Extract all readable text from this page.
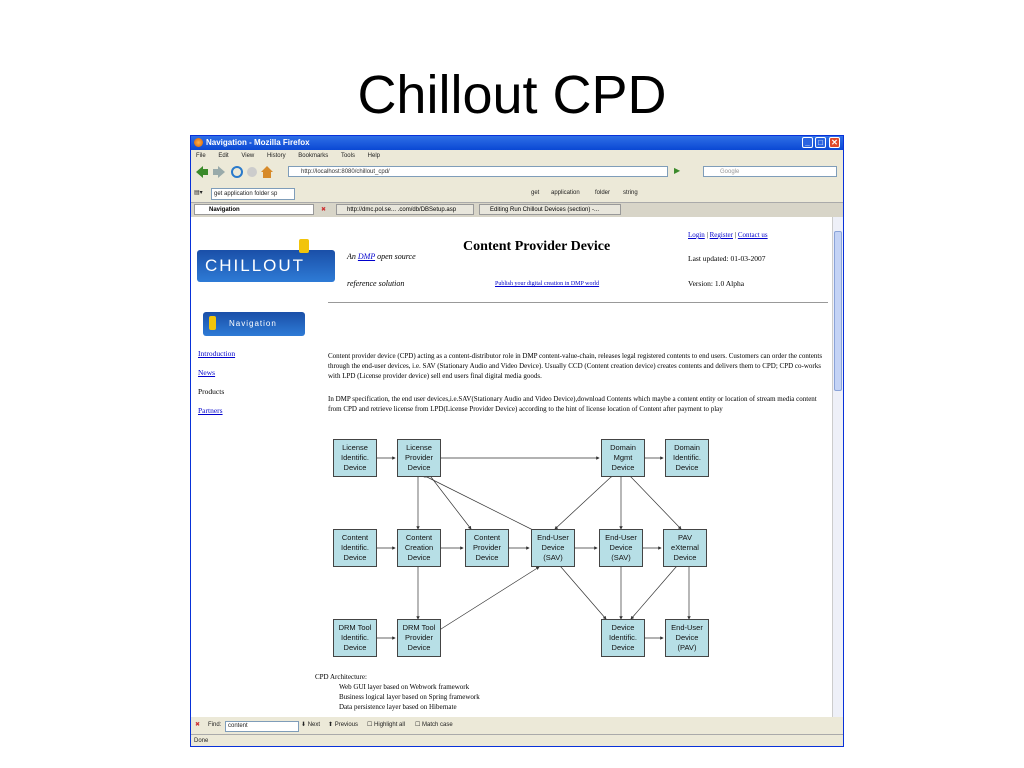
Chillout CPD
Navigation - Mozilla Firefox	_	□	✕
File Edit View History Bookmarks Tools Help
http://localhost:8080/chillout_cpd/	▶	Google
▤▾	get application folder sp	get application	folder string
Navigation	✖	http://dmc.pol.se... .com/db/DBSetup.asp	Editing Run Chillout Devices (section) -...
CHILLOUT	An DMP open source
reference solution
Content Provider Device
Publish your digital creation in DMP world
Login | Register | Contact us
Last updated: 01-03-2007
Version: 1.0 Alpha
Navigation
Introduction
News
Products
Partners
Content provider device (CPD) acting as a content-distributor role in DMP content-value-chain, releases legal registered contents to end users. Customers can order the contents through the end-user devices, i.e. SAV (Stationary Audio and Video Device). Usually CCD (Content creation device) creates contents and delivers them to CPD; CPD co-works with LPD (License provider device) sell end users final digital media goods.
In DMP specification, the end user devices,i.e.SAV(Stationary Audio and Video Device),download Contents which maybe a content entity or location of stream media content from CPD and retrieve license from LPD(License Provider Device) according to the hint of license location of Content after payment to play
License
Identific.
Device
License
Provider
Device
Domain
Mgmt
Device
Domain
Identific.
Device
Content
Identific.
Device
Content
Creation
Device
Content
Provider
Device
End-User
Device
(SAV)
End-User
Device
(SAV)
PAV
eXternal
Device
DRM Tool
Identific.
Device
DRM Tool
Provider
Device
Device
Identific.
Device
End-User
Device
(PAV)
CPD Architecture:
Web GUI layer based on Webwork framework
Business logical layer based on Spring framework
Data persistence layer based on Hibernate
✖ Find:	content	⬇ Next ⬆ Previous ☐ Highlight all ☐ Match case
Done
